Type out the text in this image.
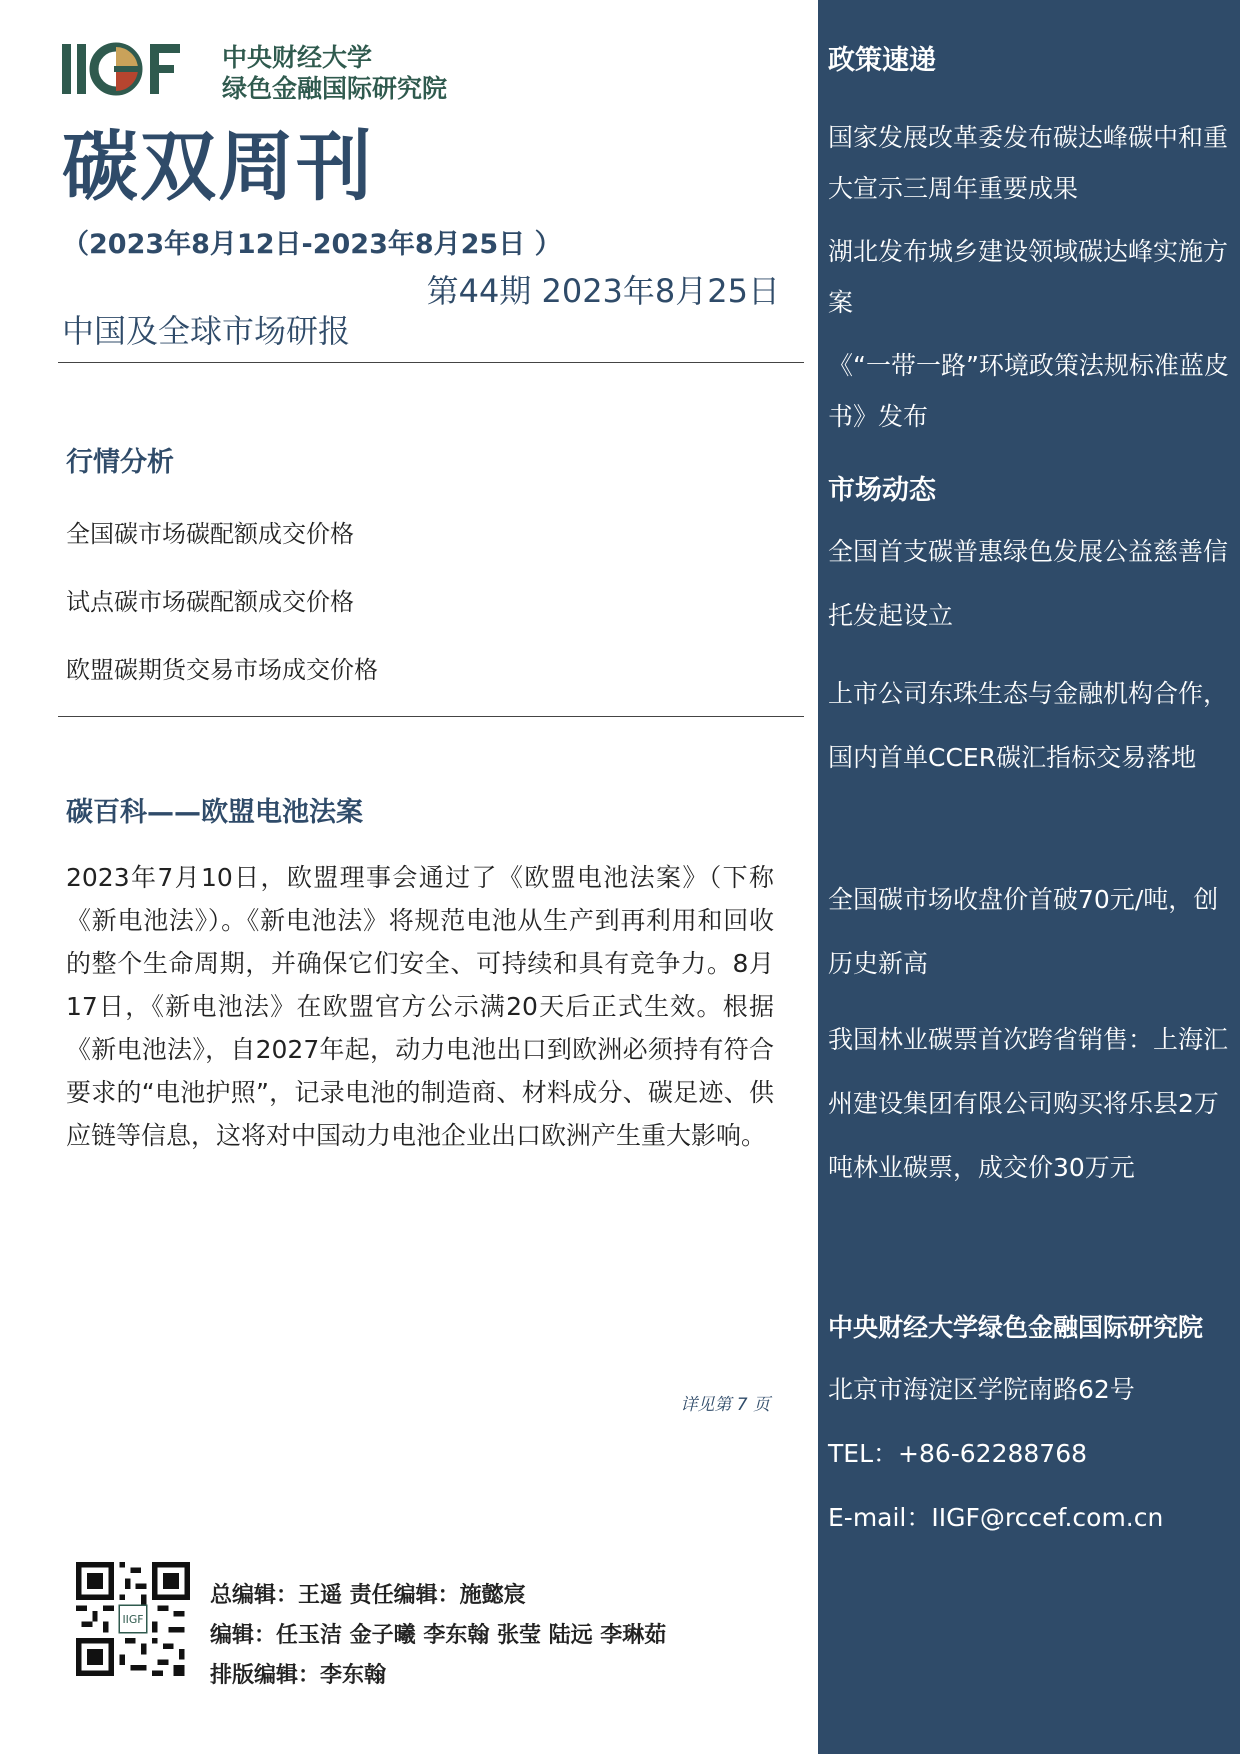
中央财经大学
绿色金融国际研究院
碳双周刊
（2023年8月12日-2023年8月25日 ）
第44期 2023年8月25日
中国及全球市场研报
行情分析
全国碳市场碳配额成交价格
试点碳市场碳配额成交价格
欧盟碳期货交易市场成交价格
碳百科——欧盟电池法案
2023年7月10日，欧盟理事会通过了《欧盟电池法案》（下称《新电池法》）。《新电池法》将规范电池从生产到再利用和回收的整个生命周期，并确保它们安全、可持续和具有竞争力。8月17日，《新电池法》在欧盟官方公示满20天后正式生效。根据《新电池法》，自2027年起，动力电池出口到欧洲必须持有符合要求的“电池护照”，记录电池的制造商、材料成分、碳足迹、供应链等信息，这将对中国动力电池企业出口欧洲产生重大影响。
详见第 7 页
IIGF
总编辑：王遥 责任编辑：施懿宸
编辑：任玉洁 金子曦 李东翰 张莹 陆远 李琳茹
排版编辑：李东翰
政策速递
国家发展改革委发布碳达峰碳中和重大宣示三周年重要成果
湖北发布城乡建设领域碳达峰实施方案
《“一带一路”环境政策法规标准蓝皮书》发布
市场动态
全国首支碳普惠绿色发展公益慈善信托发起设立
上市公司东珠生态与金融机构合作，国内首单CCER碳汇指标交易落地
全国碳市场收盘价首破70元/吨，创历史新高
我国林业碳票首次跨省销售：上海汇州建设集团有限公司购买将乐县2万吨林业碳票，成交价30万元
中央财经大学绿色金融国际研究院
北京市海淀区学院南路62号
TEL：+86-62288768
E-mail：IIGF@rccef.com.cn
